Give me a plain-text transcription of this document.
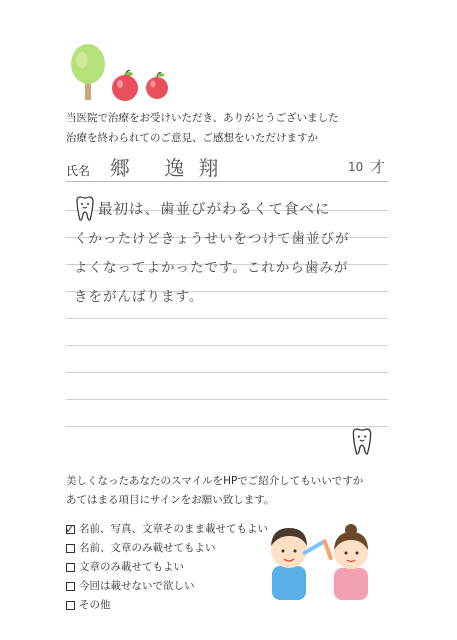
当医院で治療をお受けいただき、ありがとうございました
治療を終わられてのご意見、ご感想をいただけますか
氏名 郷 逸翔	10 才
最初は、歯並びがわるくて食べに
くかったけどきょうせいをつけて歯並びが
よくなってよかったです。これから歯みが
きをがんばります。
美しくなったあなたのスマイルをHPでご紹介してもいいですか
あてはまる項目にサインをお願い致します。
✓ 名前、写真、文章そのまま載せてもよい
名前、文章のみ載せてもよい
文章のみ載せてもよい
今回は載せないで欲しい
その他
